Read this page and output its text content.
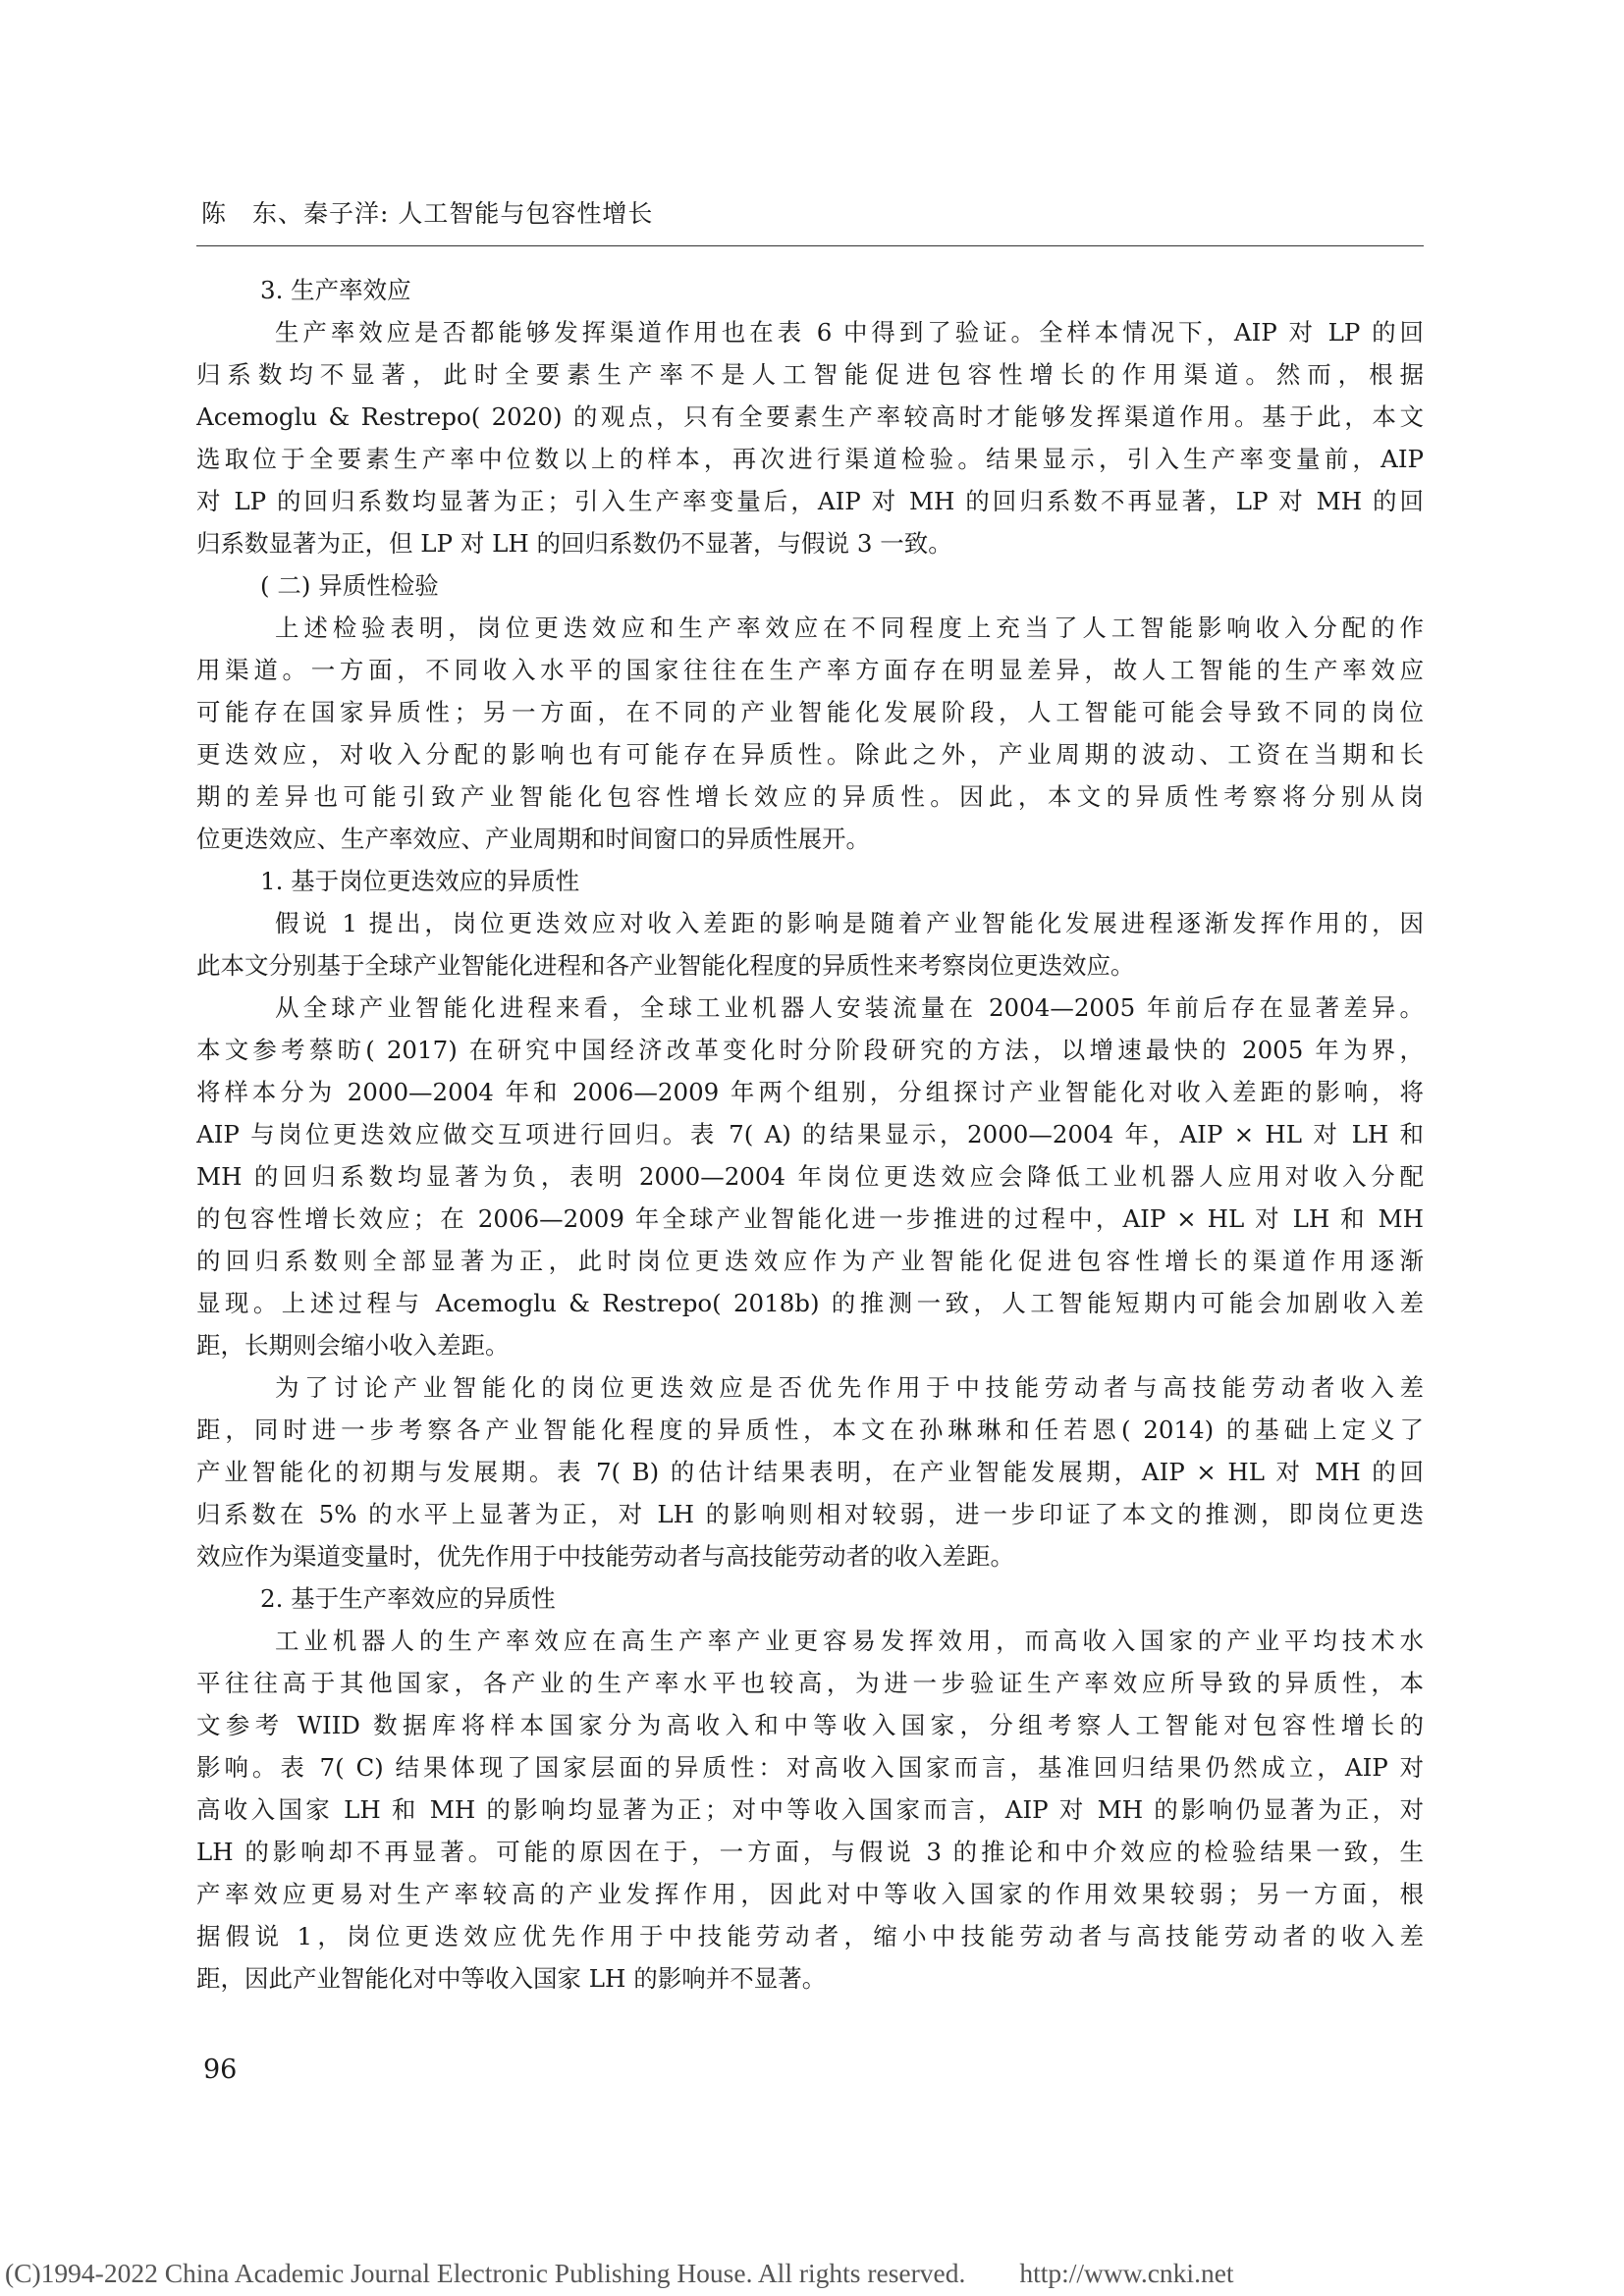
陈　东、秦子洋: 人工智能与包容性增长
3. 生产率效应
生产率效应是否都能够发挥渠道作用也在表 6 中得到了验证。全样本情况下，AIP 对 LP 的回
归系数均不显著，此时全要素生产率不是人工智能促进包容性增长的作用渠道。然而，根据
Acemoglu & Restrepo( 2020) 的观点，只有全要素生产率较高时才能够发挥渠道作用。基于此，本文
选取位于全要素生产率中位数以上的样本，再次进行渠道检验。结果显示，引入生产率变量前，AIP
对 LP 的回归系数均显著为正；引入生产率变量后，AIP 对 MH 的回归系数不再显著，LP 对 MH 的回
归系数显著为正，但 LP 对 LH 的回归系数仍不显著，与假说 3 一致。
( 二) 异质性检验
上述检验表明，岗位更迭效应和生产率效应在不同程度上充当了人工智能影响收入分配的作
用渠道。一方面，不同收入水平的国家往往在生产率方面存在明显差异，故人工智能的生产率效应
可能存在国家异质性；另一方面，在不同的产业智能化发展阶段，人工智能可能会导致不同的岗位
更迭效应，对收入分配的影响也有可能存在异质性。除此之外，产业周期的波动、工资在当期和长
期的差异也可能引致产业智能化包容性增长效应的异质性。因此，本文的异质性考察将分别从岗
位更迭效应、生产率效应、产业周期和时间窗口的异质性展开。
1. 基于岗位更迭效应的异质性
假说 1 提出，岗位更迭效应对收入差距的影响是随着产业智能化发展进程逐渐发挥作用的，因
此本文分别基于全球产业智能化进程和各产业智能化程度的异质性来考察岗位更迭效应。
从全球产业智能化进程来看，全球工业机器人安装流量在 2004—2005 年前后存在显著差异。
本文参考蔡昉( 2017) 在研究中国经济改革变化时分阶段研究的方法，以增速最快的 2005 年为界，
将样本分为 2000—2004 年和 2006—2009 年两个组别，分组探讨产业智能化对收入差距的影响，将
AIP 与岗位更迭效应做交互项进行回归。表 7( A) 的结果显示，2000—2004 年，AIP × HL 对 LH 和
MH 的回归系数均显著为负，表明 2000—2004 年岗位更迭效应会降低工业机器人应用对收入分配
的包容性增长效应；在 2006—2009 年全球产业智能化进一步推进的过程中，AIP × HL 对 LH 和 MH
的回归系数则全部显著为正，此时岗位更迭效应作为产业智能化促进包容性增长的渠道作用逐渐
显现。上述过程与 Acemoglu & Restrepo( 2018b) 的推测一致，人工智能短期内可能会加剧收入差
距，长期则会缩小收入差距。
为了讨论产业智能化的岗位更迭效应是否优先作用于中技能劳动者与高技能劳动者收入差
距，同时进一步考察各产业智能化程度的异质性，本文在孙琳琳和任若恩( 2014) 的基础上定义了
产业智能化的初期与发展期。表 7( B) 的估计结果表明，在产业智能发展期，AIP × HL 对 MH 的回
归系数在 5% 的水平上显著为正，对 LH 的影响则相对较弱，进一步印证了本文的推测，即岗位更迭
效应作为渠道变量时，优先作用于中技能劳动者与高技能劳动者的收入差距。
2. 基于生产率效应的异质性
工业机器人的生产率效应在高生产率产业更容易发挥效用，而高收入国家的产业平均技术水
平往往高于其他国家，各产业的生产率水平也较高，为进一步验证生产率效应所导致的异质性，本
文参考 WIID 数据库将样本国家分为高收入和中等收入国家，分组考察人工智能对包容性增长的
影响。表 7( C) 结果体现了国家层面的异质性：对高收入国家而言，基准回归结果仍然成立，AIP 对
高收入国家 LH 和 MH 的影响均显著为正；对中等收入国家而言，AIP 对 MH 的影响仍显著为正，对
LH 的影响却不再显著。可能的原因在于，一方面，与假说 3 的推论和中介效应的检验结果一致，生
产率效应更易对生产率较高的产业发挥作用，因此对中等收入国家的作用效果较弱；另一方面，根
据假说 1，岗位更迭效应优先作用于中技能劳动者，缩小中技能劳动者与高技能劳动者的收入差
距，因此产业智能化对中等收入国家 LH 的影响并不显著。
96
(C)1994-2022 China Academic Journal Electronic Publishing House. All rights reserved.　　http://www.cnki.net
